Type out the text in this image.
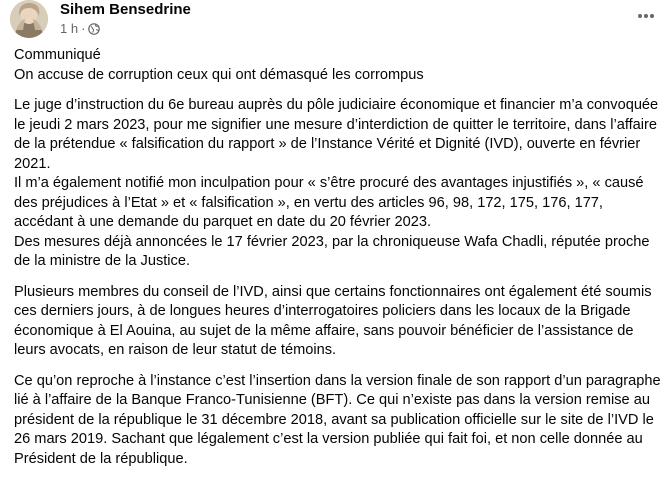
Sihem Bensedrine
1 h ·

Communiqué
On accuse de corruption ceux qui ont démasqué les corrompus

Le juge d’instruction du 6e bureau auprès du pôle judiciaire économique et financier m’a convoquée le jeudi 2 mars 2023, pour me signifier une mesure d’interdiction de quitter le territoire, dans l’affaire de la prétendue « falsification du rapport » de l’Instance Vérité et Dignité (IVD), ouverte en février 2021.
Il m’a également notifié mon inculpation pour « s’être procuré des avantages injustifiés », « causé des préjudices à l’Etat » et « falsification », en vertu des articles 96, 98, 172, 175, 176, 177, accédant à une demande du parquet en date du 20 février 2023.
Des mesures déjà annoncées le 17 février 2023, par la chroniqueuse Wafa Chadli, réputée proche de la ministre de la Justice.

Plusieurs membres du conseil de l’IVD, ainsi que certains fonctionnaires ont également été soumis ces derniers jours, à de longues heures d’interrogatoires policiers dans les locaux de la Brigade économique à El Aouina, au sujet de la même affaire, sans pouvoir bénéficier de l’assistance de leurs avocats, en raison de leur statut de témoins.

Ce qu’on reproche à l’instance c’est l’insertion dans la version finale de son rapport d’un paragraphe lié à l’affaire de la Banque Franco-Tunisienne (BFT). Ce qui n’existe pas dans la version remise au président de la république le 31 décembre 2018, avant sa publication officielle sur le site de l’IVD le 26 mars 2019. Sachant que légalement c’est la version publiée qui fait foi, et non celle donnée au Président de la république.
